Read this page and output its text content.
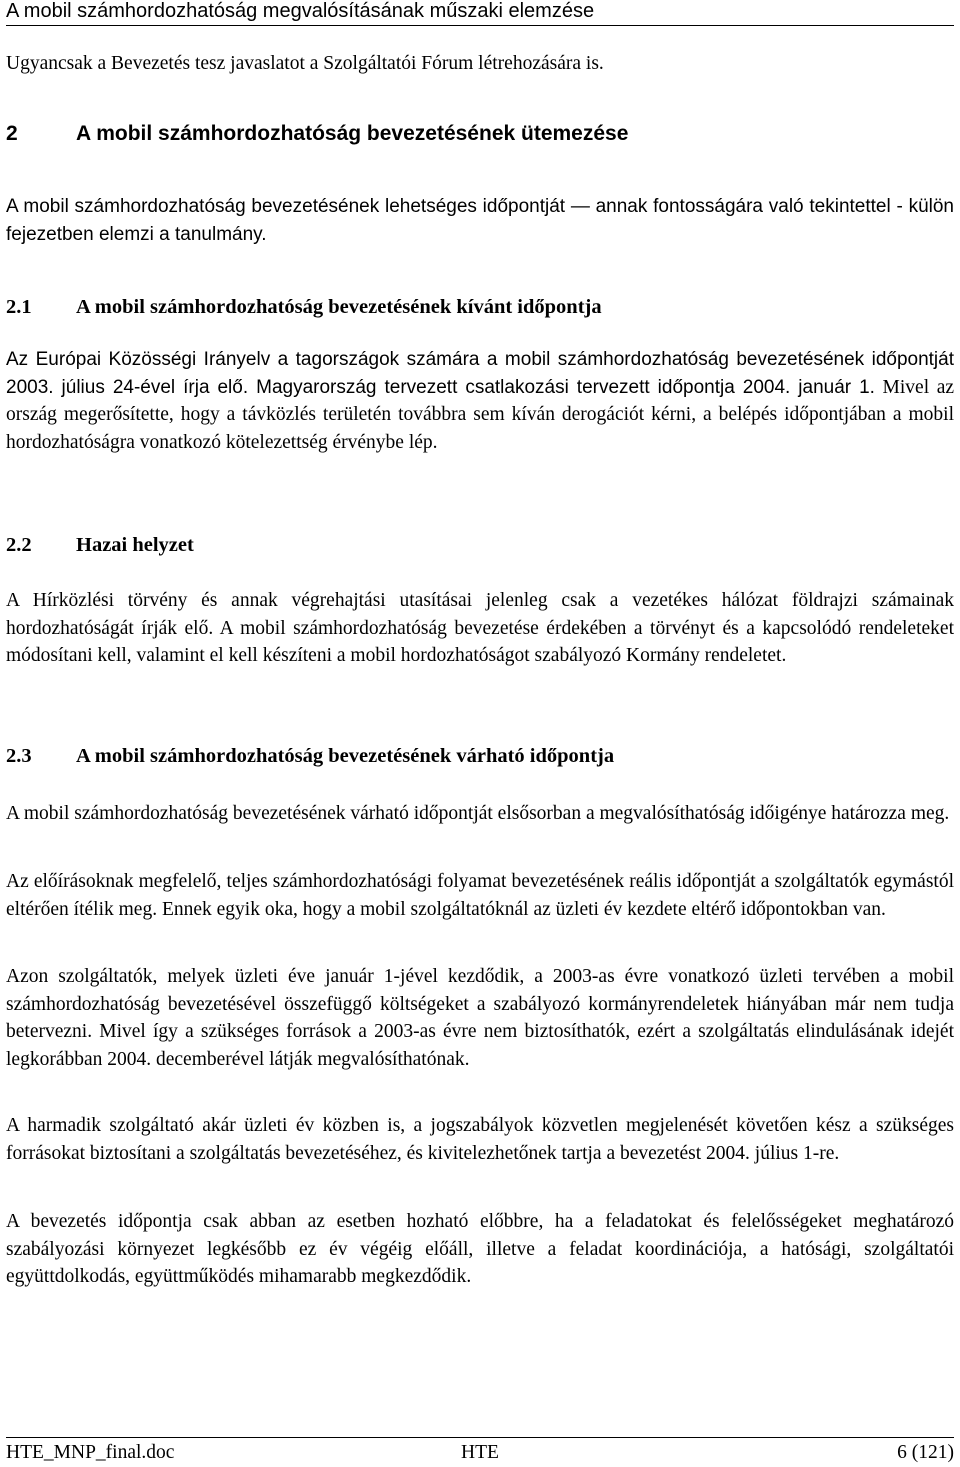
A mobil számhordozhatóság megvalósításának műszaki elemzése
Ugyancsak a Bevezetés tesz javaslatot a Szolgáltatói Fórum létrehozására is.
2	A mobil számhordozhatóság bevezetésének ütemezése
A mobil számhordozhatóság bevezetésének lehetséges időpontját — annak fontosságára való tekintettel - külön fejezetben elemzi a tanulmány.
2.1 A mobil számhordozhatóság bevezetésének kívánt időpontja
Az Európai Közösségi Irányelv a tagországok számára a mobil számhordozhatóság bevezetésének időpontját 2003. július 24-ével írja elő. Magyarország tervezett csatlakozási tervezett időpontja 2004. január 1. Mivel az ország megerősítette, hogy a távközlés területén továbbra sem kíván derogációt kérni, a belépés időpontjában a mobil hordozhatóságra vonatkozó kötelezettség érvénybe lép.
2.2 Hazai helyzet
A Hírközlési törvény és annak végrehajtási utasításai jelenleg csak a vezetékes hálózat földrajzi számainak hordozhatóságát írják elő. A mobil számhordozhatóság bevezetése érdekében a törvényt és a kapcsolódó rendeleteket módosítani kell, valamint el kell készíteni a mobil hordozhatóságot szabályozó Kormány rendeletet.
2.3 A mobil számhordozhatóság bevezetésének várható időpontja
A mobil számhordozhatóság bevezetésének várható időpontját elsősorban a megvalósíthatóság időigénye határozza meg.
Az előírásoknak megfelelő, teljes számhordozhatósági folyamat bevezetésének reális időpontját a szolgáltatók egymástól eltérően ítélik meg. Ennek egyik oka, hogy a mobil szolgáltatóknál az üzleti év kezdete eltérő időpontokban van.
Azon szolgáltatók, melyek üzleti éve január 1-jével kezdődik, a 2003-as évre vonatkozó üzleti tervében a mobil számhordozhatóság bevezetésével összefüggő költségeket a szabályozó kormányrendeletek hiányában már nem tudja betervezni. Mivel így a szükséges források a 2003-as évre nem biztosíthatók, ezért a szolgáltatás elindulásának idejét legkorábban 2004. decemberével látják megvalósíthatónak.
A harmadik szolgáltató akár üzleti év közben is, a jogszabályok közvetlen megjelenését követően kész a szükséges forrásokat biztosítani a szolgáltatás bevezetéséhez, és kivitelezhetőnek tartja a bevezetést 2004. július 1-re.
A bevezetés időpontja csak abban az esetben hozható előbbre, ha a feladatokat és felelősségeket meghatározó szabályozási környezet legkésőbb ez év végéig előáll, illetve a feladat koordinációja, a hatósági, szolgáltatói együttdolkodás, együttműködés mihamarabb megkezdődik.
HTE_MNP_final.doc	HTE	6 (121)
